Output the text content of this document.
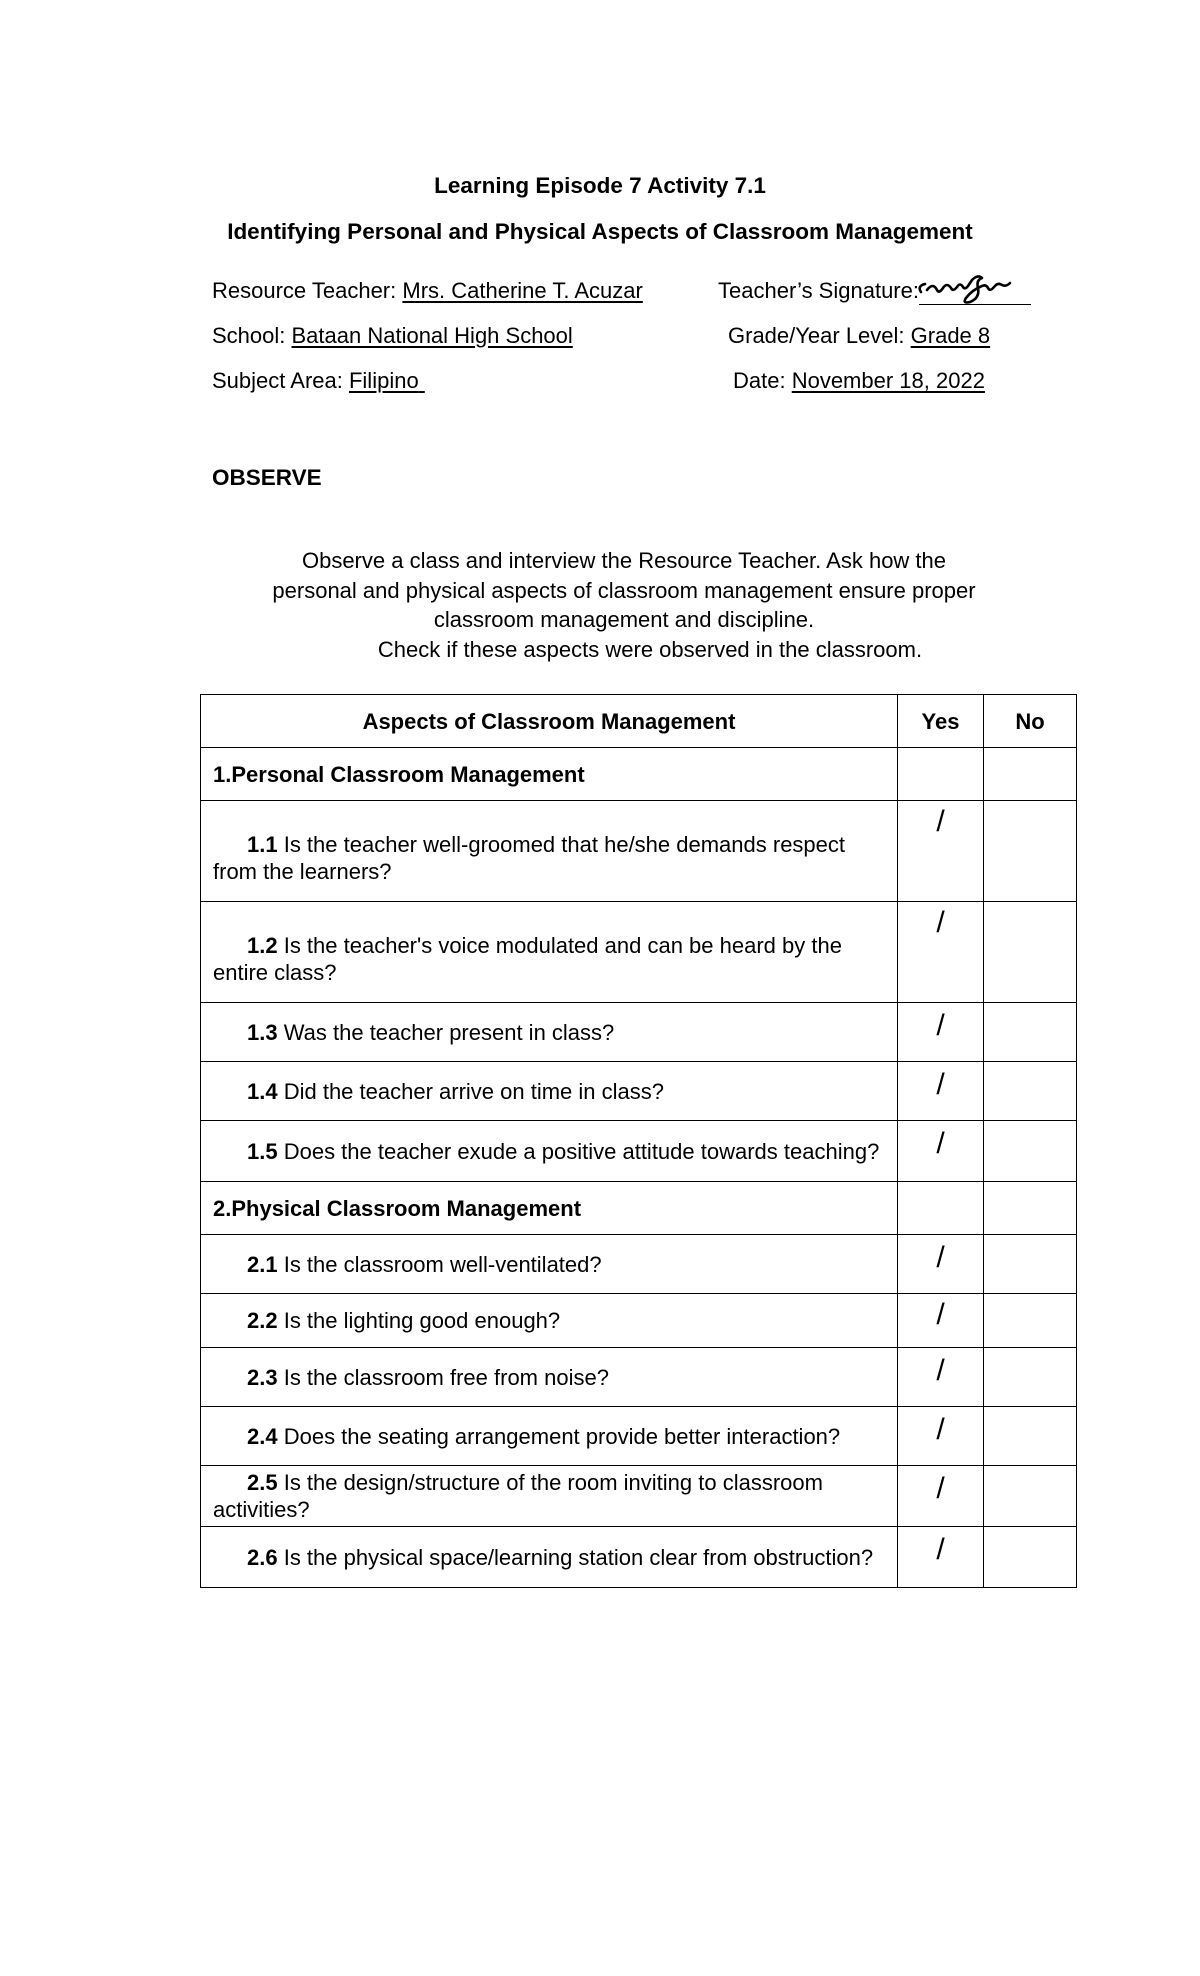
Learning Episode 7 Activity 7.1
Identifying Personal and Physical Aspects of Classroom Management
Resource Teacher: Mrs. Catherine T. Acuzar	Teacher’s Signature:
School: Bataan National High School	Grade/Year Level: Grade 8
Subject Area: Filipino	Date: November 18, 2022
OBSERVE
Observe a class and interview the Resource Teacher. Ask how the
personal and physical aspects of classroom management ensure proper
classroom management and discipline.
Check if these aspects were observed in the classroom.
Aspects of Classroom Management	Yes	No
1.Personal Classroom Management		

1.1 Is the teacher well-groomed that he/she demands respect from the learners?	/	

1.2 Is the teacher's voice modulated and can be heard by the entire class?	/	
1.3 Was the teacher present in class?	/	
1.4 Did the teacher arrive on time in class?	/	
1.5 Does the teacher exude a positive attitude towards teaching?	/	
2.Physical Classroom Management		
2.1 Is the classroom well-ventilated?	/	
2.2 Is the lighting good enough?	/	
2.3 Is the classroom free from noise?	/	
2.4 Does the seating arrangement provide better interaction?	/	
2.5 Is the design/structure of the room inviting to classroom activities?	/	
2.6 Is the physical space/learning station clear from obstruction?	/	
